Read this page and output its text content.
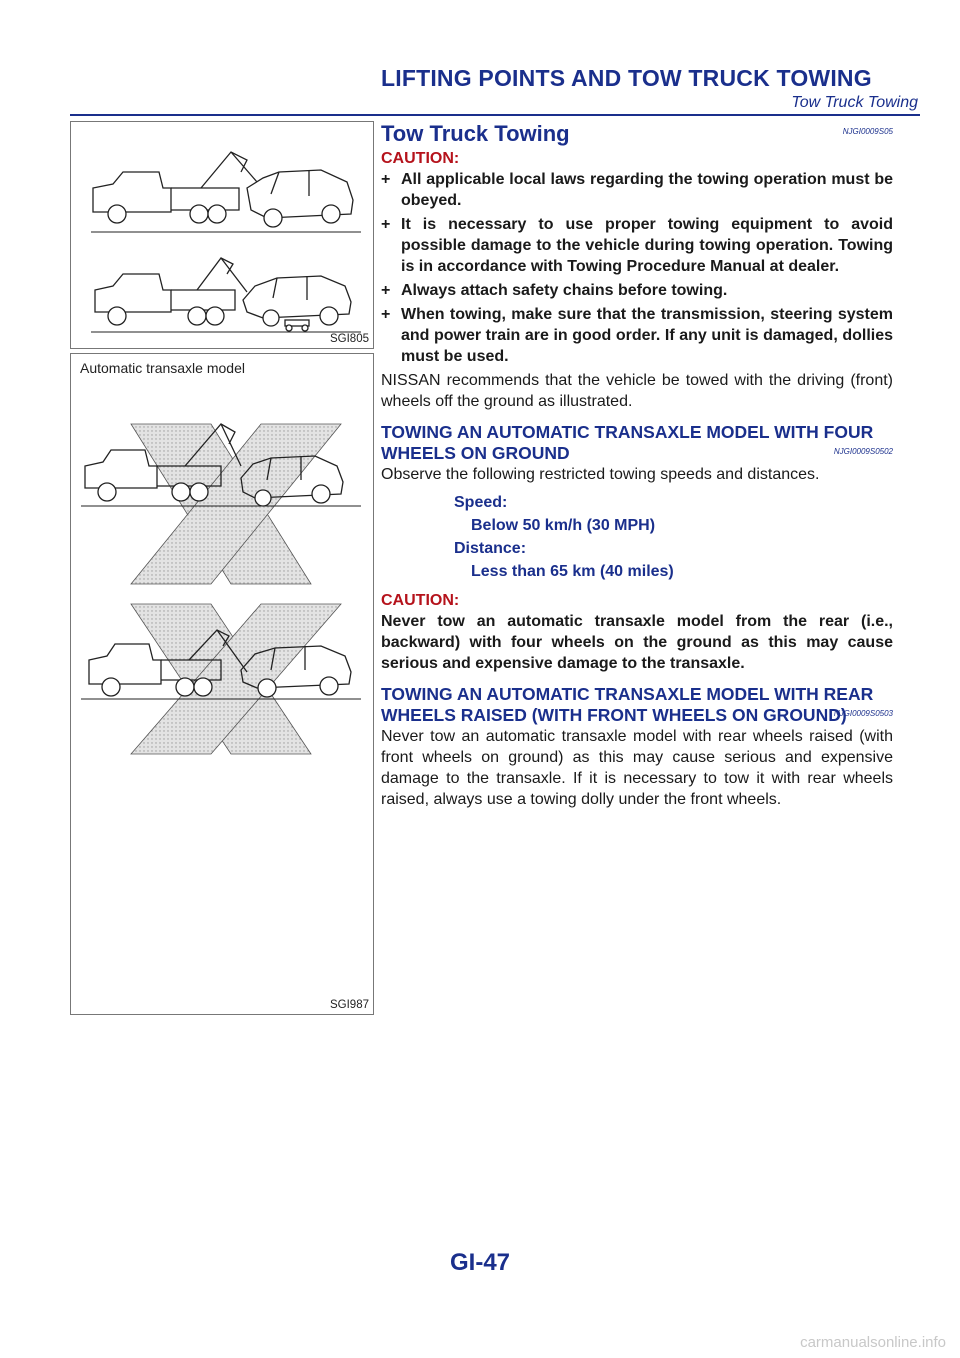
LIFTING POINTS AND TOW TRUCK TOWING
Tow Truck Towing
SGI805
Automatic transaxle model
SGI987
Tow Truck Towing	NJGI0009S05

CAUTION:

+ All applicable local laws regarding the towing operation must be obeyed.
+ It is necessary to use proper towing equipment to avoid possible damage to the vehicle during towing operation. Towing is in accordance with Towing Procedure Manual at dealer.
+ Always attach safety chains before towing.
+ When towing, make sure that the transmission, steering system and power train are in good order. If any unit is damaged, dollies must be used.

NISSAN recommends that the vehicle be towed with the driving (front) wheels off the ground as illustrated.

TOWING AN AUTOMATIC TRANSAXLE MODEL WITH FOUR WHEELS ON GROUND	NJGI0009S0502

Observe the following restricted towing speeds and distances.

Speed:
Below 50 km/h (30 MPH)
Distance:
Less than 65 km (40 miles)

CAUTION:

Never tow an automatic transaxle model from the rear (i.e., backward) with four wheels on the ground as this may cause serious and expensive damage to the transaxle.

TOWING AN AUTOMATIC TRANSAXLE MODEL WITH REAR WHEELS RAISED (WITH FRONT WHEELS ON GROUND)
NJGI0009S0503

Never tow an automatic transaxle model with rear wheels raised (with front wheels on ground) as this may cause serious and expensive damage to the transaxle. If it is necessary to tow it with rear wheels raised, always use a towing dolly under the front wheels.

GI-47
carmanualsonline.info
